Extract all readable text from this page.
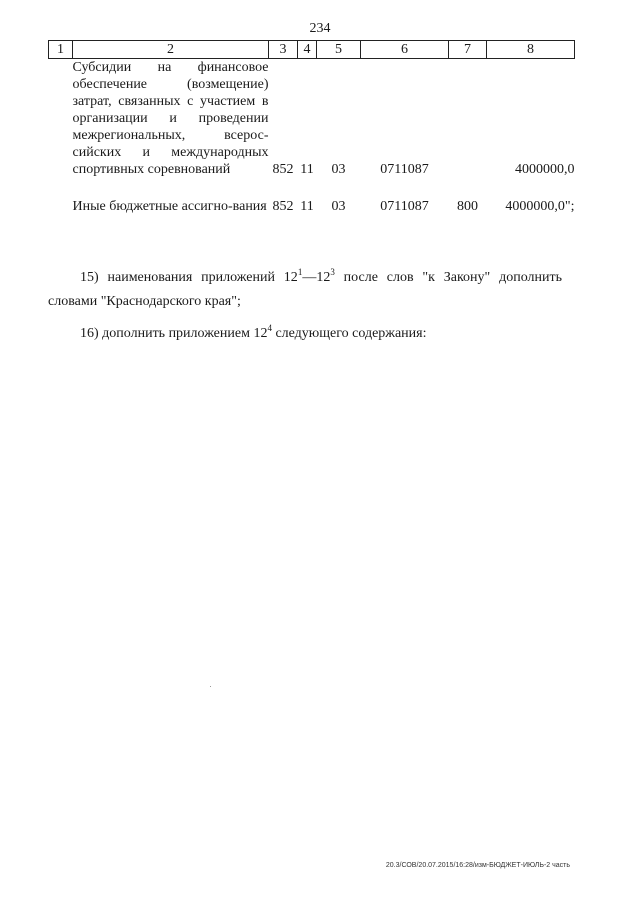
234
1	2	3	4	5	6	7	8
	Субсидии на финансовое обеспечение (возмещение) затрат, связанных с участием в организации и проведении межрегиональных, всерос-сийских и международных спортивных соревнований	852	11	03	0711087		4000000,0

	Иные бюджетные ассигно-вания	852	11	03	0711087	800	4000000,0";
15) наименования приложений $12^1—12^3$ после слов "к Закону" дополнить словами "Краснодарского края";
16) дополнить приложением $12^4$ следующего содержания:
20.3/СОВ/20.07.2015/16:28/изм-БЮДЖЕТ-ИЮЛЬ-2 часть
